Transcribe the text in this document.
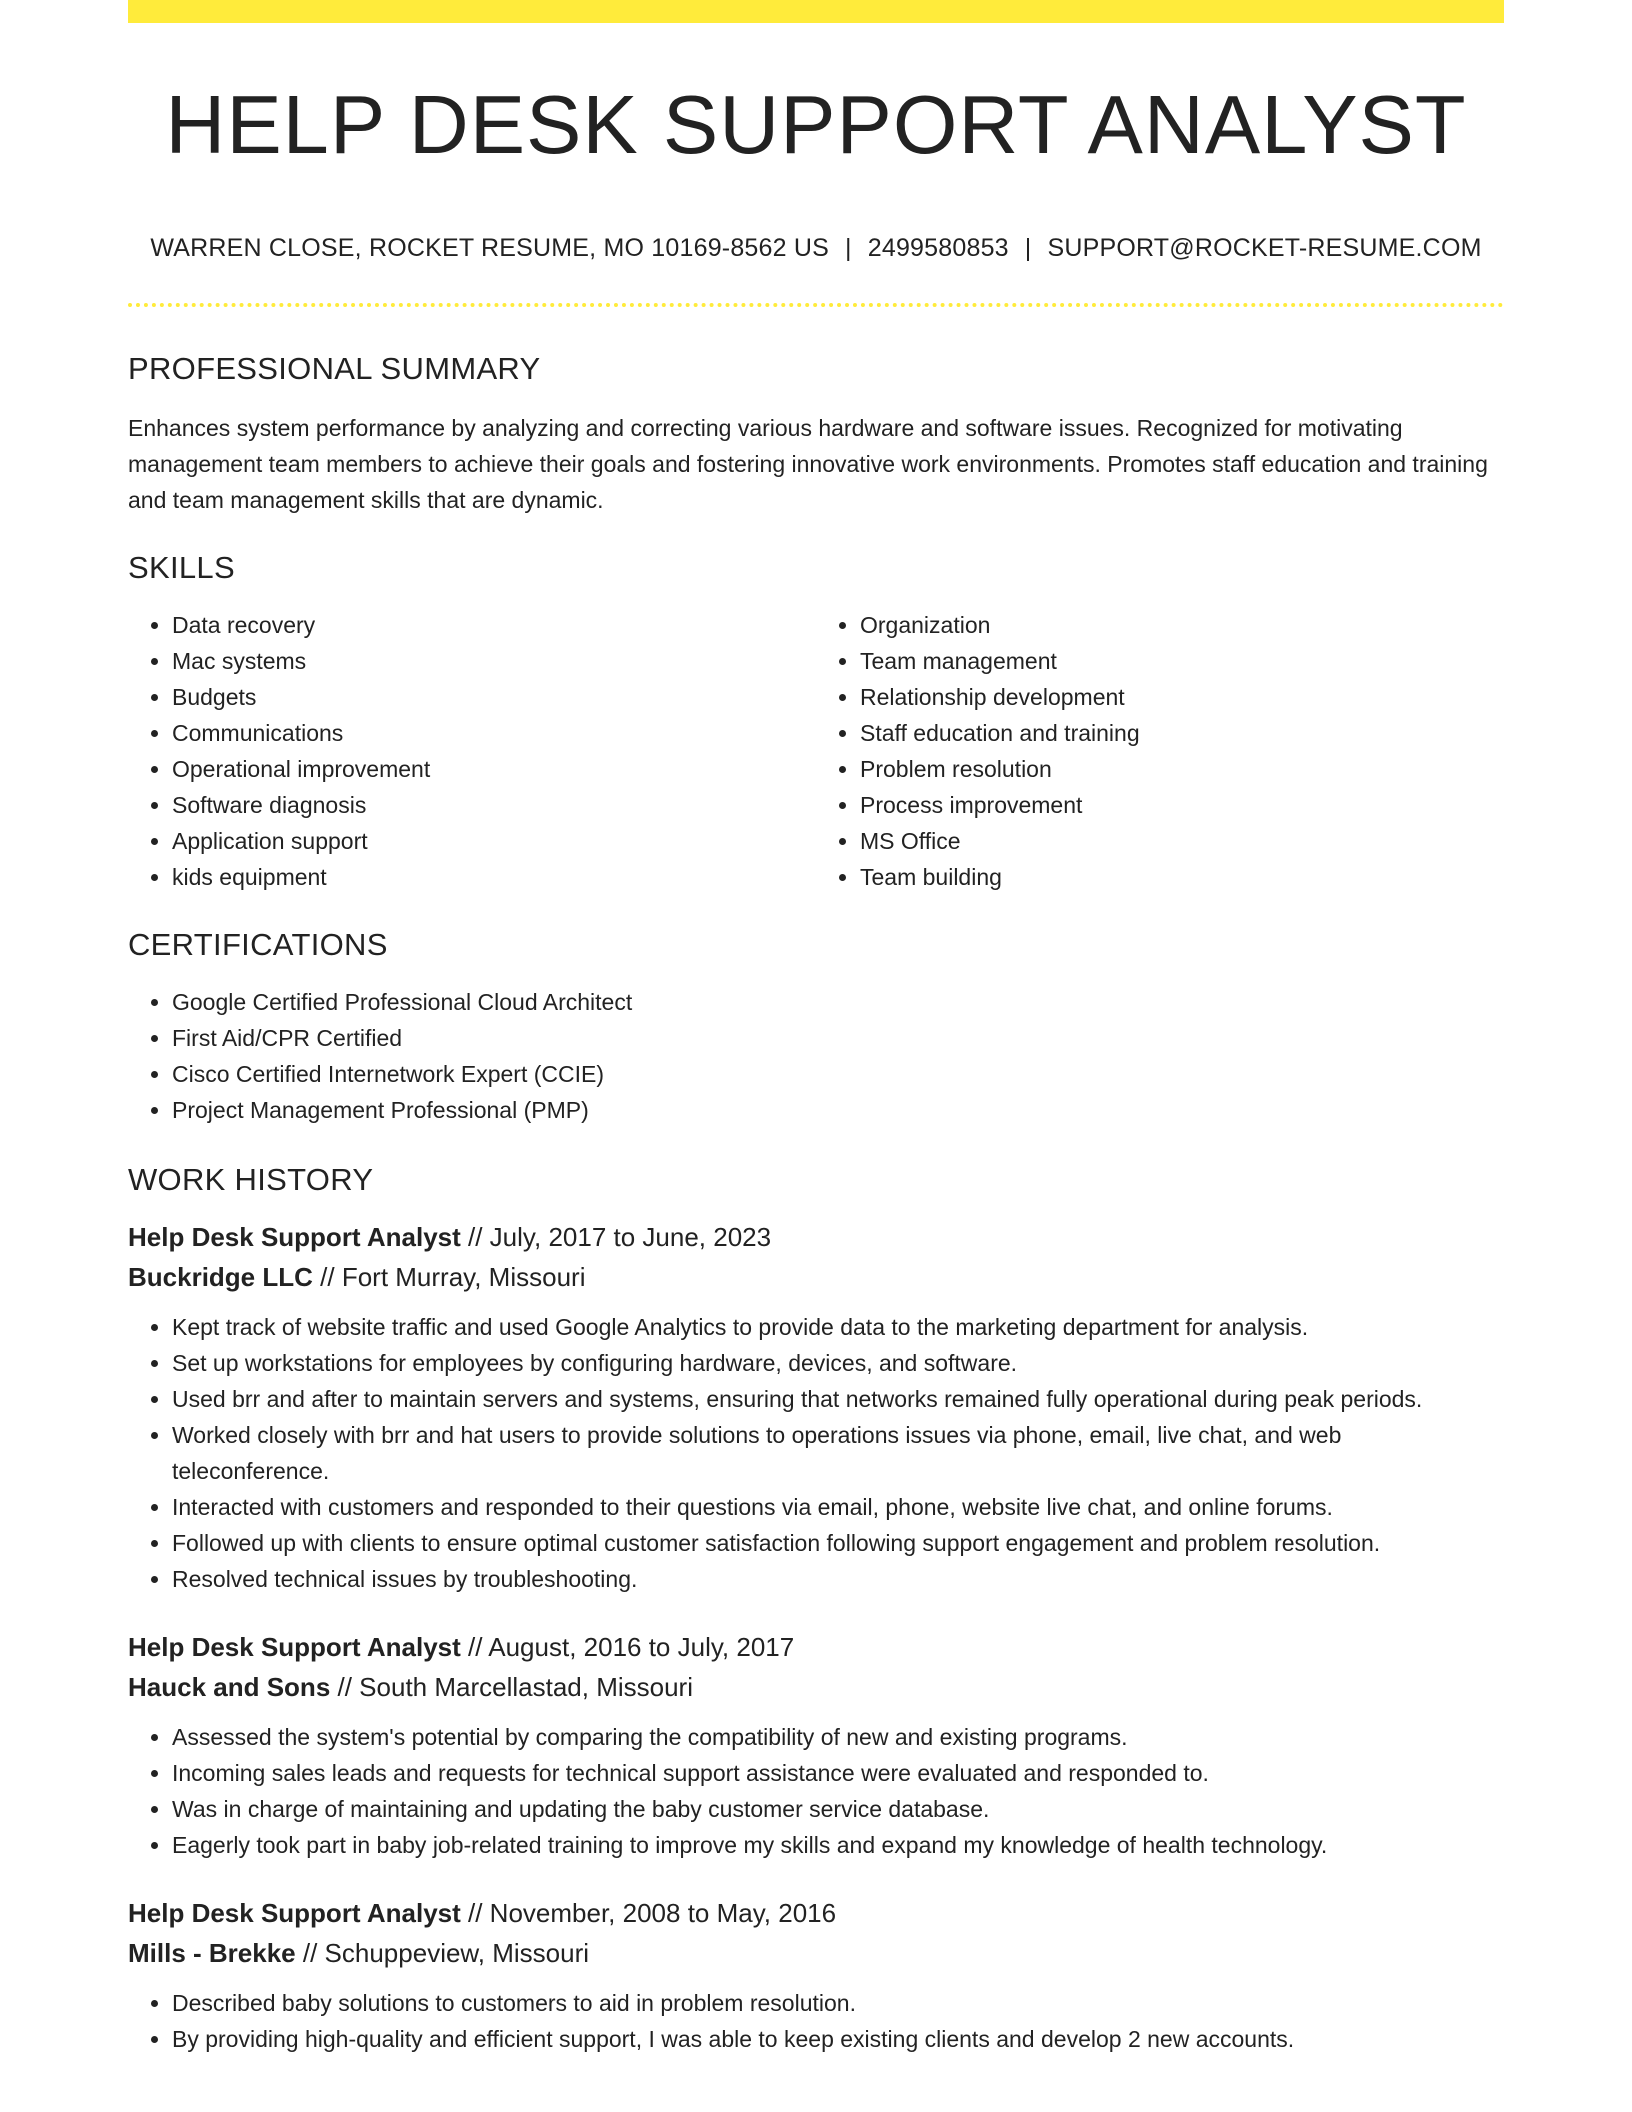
HELP DESK SUPPORT ANALYST
WARREN CLOSE, ROCKET RESUME, MO 10169-8562 US | 2499580853 | SUPPORT@ROCKET-RESUME.COM
PROFESSIONAL SUMMARY

Enhances system performance by analyzing and correcting various hardware and software issues. Recognized for motivating management team members to achieve their goals and fostering innovative work environments. Promotes staff education and training and team management skills that are dynamic.

SKILLS
• Data recovery
• Mac systems
• Budgets
• Communications
• Operational improvement
• Software diagnosis
• Application support
• kids equipment
• Organization
• Team management
• Relationship development
• Staff education and training
• Problem resolution
• Process improvement
• MS Office
• Team building
CERTIFICATIONS
• Google Certified Professional Cloud Architect
• First Aid/CPR Certified
• Cisco Certified Internetwork Expert (CCIE)
• Project Management Professional (PMP)
WORK HISTORY
Help Desk Support Analyst // July, 2017 to June, 2023
Buckridge LLC // Fort Murray, Missouri
• Kept track of website traffic and used Google Analytics to provide data to the marketing department for analysis.
• Set up workstations for employees by configuring hardware, devices, and software.
• Used brr and after to maintain servers and systems, ensuring that networks remained fully operational during peak periods.
• Worked closely with brr and hat users to provide solutions to operations issues via phone, email, live chat, and web teleconference.
• Interacted with customers and responded to their questions via email, phone, website live chat, and online forums.
• Followed up with clients to ensure optimal customer satisfaction following support engagement and problem resolution.
• Resolved technical issues by troubleshooting.
Help Desk Support Analyst // August, 2016 to July, 2017
Hauck and Sons // South Marcellastad, Missouri
• Assessed the system's potential by comparing the compatibility of new and existing programs.
• Incoming sales leads and requests for technical support assistance were evaluated and responded to.
• Was in charge of maintaining and updating the baby customer service database.
• Eagerly took part in baby job-related training to improve my skills and expand my knowledge of health technology.
Help Desk Support Analyst // November, 2008 to May, 2016
Mills - Brekke // Schuppeview, Missouri
• Described baby solutions to customers to aid in problem resolution.
• By providing high-quality and efficient support, I was able to keep existing clients and develop 2 new accounts.
